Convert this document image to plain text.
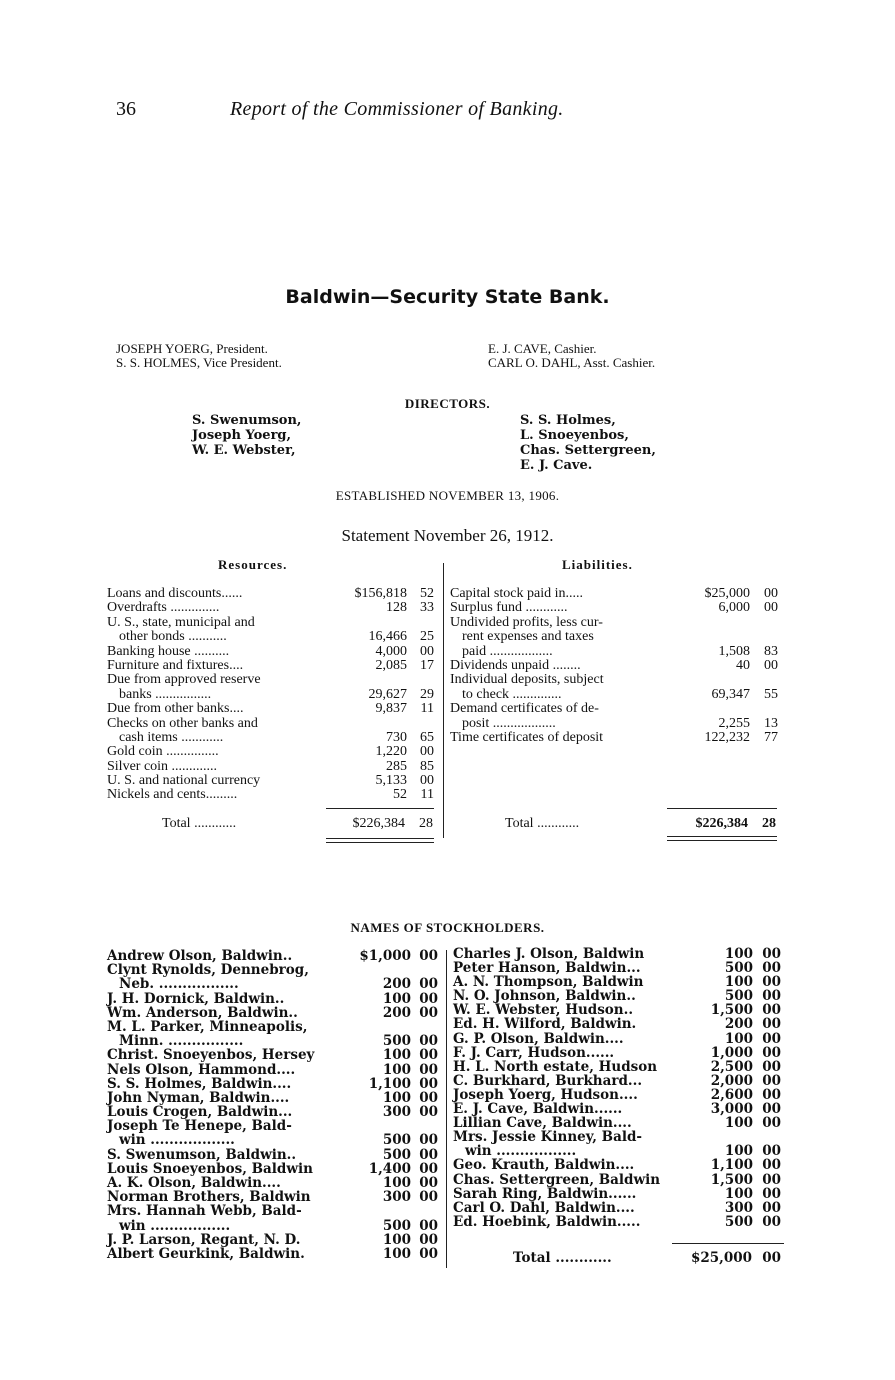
36	Report of the Commissioner of Banking.
Baldwin—Security State Bank.
JOSEPH YOERG, President.
S. S. HOLMES, Vice President.
E. J. CAVE, Cashier.
CARL O. DAHL, Asst. Cashier.
DIRECTORS.
S. Swenumson,
Joseph Yoerg,
W. E. Webster,
S. S. Holmes,
L. Snoeyenbos,
Chas. Settergreen,
E. J. Cave.
ESTABLISHED NOVEMBER 13, 1906.
Statement November 26, 1912.
Resources.	Liabilities.
Loans and discounts......	$156,818 52
Overdrafts ..............	128 33
U. S., state, municipal and
other bonds ...........	16,466 25
Banking house ..........	4,000 00
Furniture and fixtures....	2,085 17
Due from approved reserve
banks ................	29,627 29
Due from other banks....	9,837 11
Checks on other banks and
cash items ............	730 65
Gold coin ...............	1,220 00
Silver coin .............	285 85
U. S. and national currency	5,133 00
Nickels and cents.........	52 11
Capital stock paid in.....	$25,000 00
Surplus fund ............	6,000 00
Undivided profits, less cur-
rent expenses and taxes
paid ..................	1,508 83
Dividends unpaid ........	40 00
Individual deposits, subject
to check ..............	69,347 55
Demand certificates of de-
posit ..................	2,255 13
Time certificates of deposit	122,232 77
Total ............	$226,384 28	Total ............	$226,384 28
NAMES OF STOCKHOLDERS.
Andrew Olson, Baldwin..	$1,000 00
Clynt Rynolds, Dennebrog,
Neb. .................	200 00
J. H. Dornick, Baldwin..	100 00
Wm. Anderson, Baldwin..	200 00
M. L. Parker, Minneapolis,
Minn. ................	500 00
Christ. Snoeyenbos, Hersey	100 00
Nels Olson, Hammond....	100 00
S. S. Holmes, Baldwin....	1,100 00
John Nyman, Baldwin....	100 00
Louis Crogen, Baldwin...	300 00
Joseph Te Henepe, Bald-
win ..................	500 00
S. Swenumson, Baldwin..	500 00
Louis Snoeyenbos, Baldwin	1,400 00
A. K. Olson, Baldwin....	100 00
Norman Brothers, Baldwin	300 00
Mrs. Hannah Webb, Bald-
win .................	500 00
J. P. Larson, Regant, N. D.	100 00
Albert Geurkink, Baldwin.	100 00
Charles J. Olson, Baldwin	100 00
Peter Hanson, Baldwin...	500 00
A. N. Thompson, Baldwin	100 00
N. O. Johnson, Baldwin..	500 00
W. E. Webster, Hudson..	1,500 00
Ed. H. Wilford, Baldwin.	200 00
G. P. Olson, Baldwin....	100 00
F. J. Carr, Hudson......	1,000 00
H. L. North estate, Hudson	2,500 00
C. Burkhard, Burkhard...	2,000 00
Joseph Yoerg, Hudson....	2,600 00
E. J. Cave, Baldwin......	3,000 00
Lillian Cave, Baldwin....	100 00
Mrs. Jessie Kinney, Bald-
win .................	100 00
Geo. Krauth, Baldwin....	1,100 00
Chas. Settergreen, Baldwin	1,500 00
Sarah Ring, Baldwin......	100 00
Carl O. Dahl, Baldwin....	300 00
Ed. Hoebink, Baldwin.....	500 00
Total ............	$25,000 00
